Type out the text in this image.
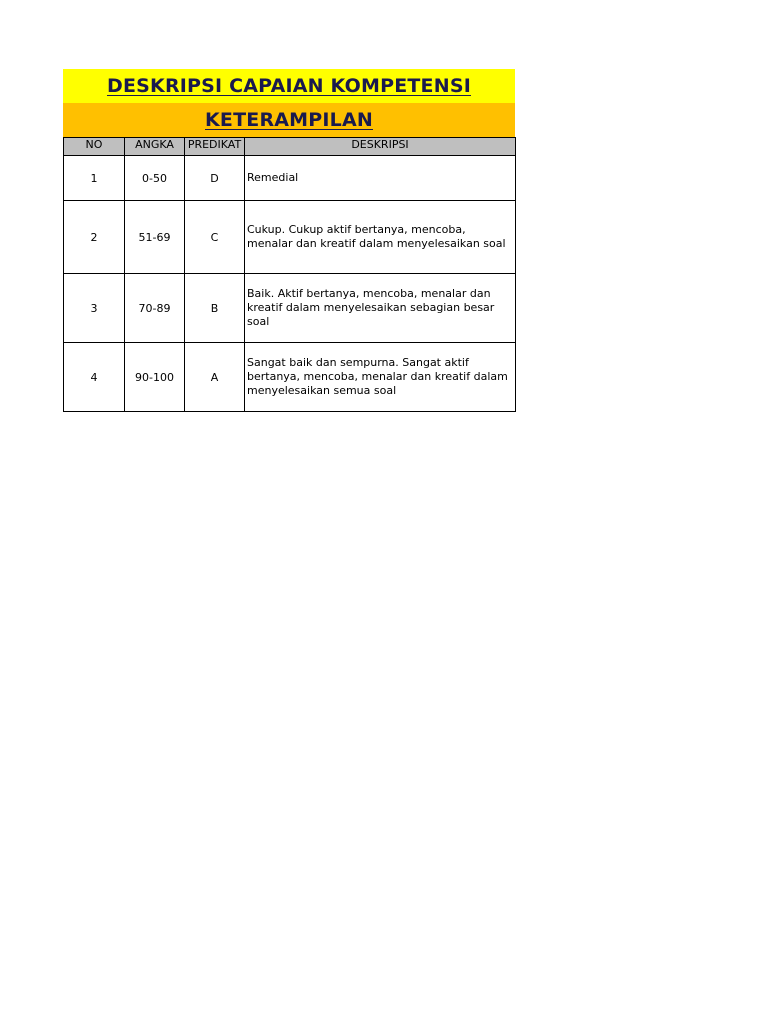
DESKRIPSI CAPAIAN KOMPETENSI
KETERAMPILAN
NO	ANGKA	PREDIKAT	DESKRIPSI
1	0-50	D	Remedial
2	51-69	C	Cukup. Cukup aktif bertanya, mencoba, menalar dan kreatif dalam menyelesaikan soal
3	70-89	B	Baik. Aktif bertanya, mencoba, menalar dan kreatif dalam menyelesaikan sebagian besar soal
4	90-100	A	Sangat baik dan sempurna. Sangat aktif bertanya, mencoba, menalar dan kreatif dalam menyelesaikan semua soal
